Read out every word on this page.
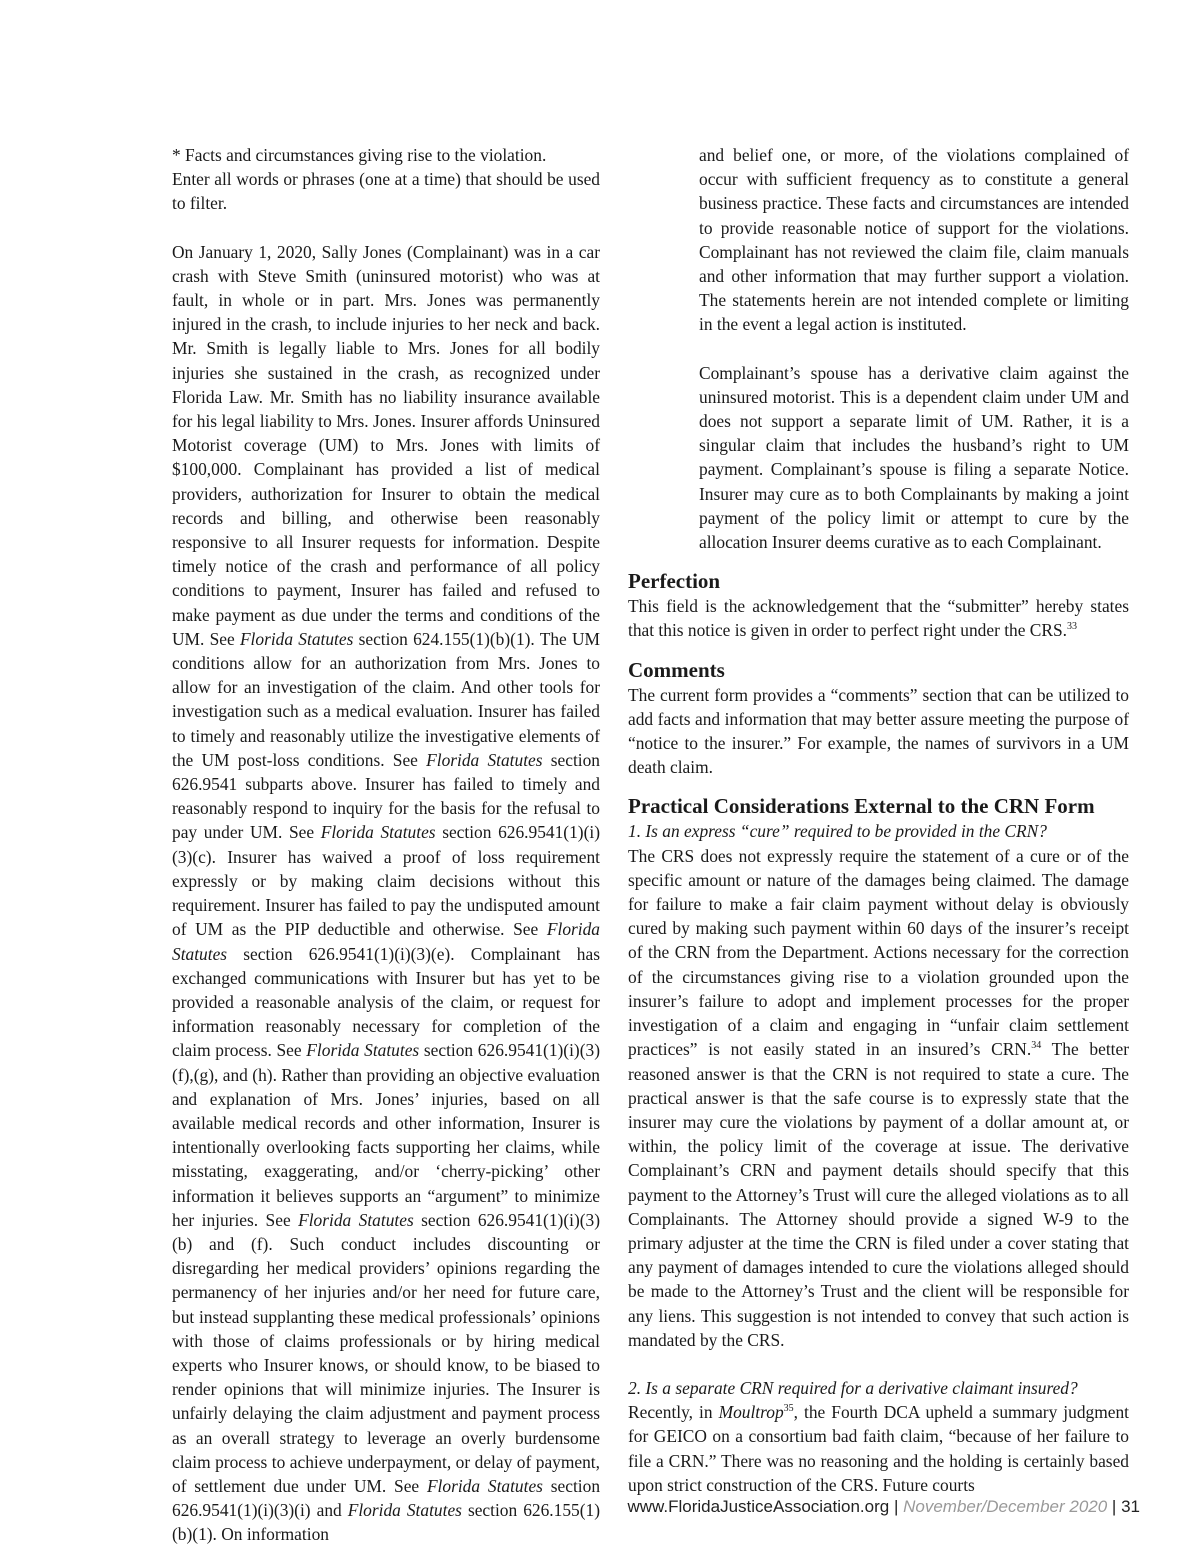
* Facts and circumstances giving rise to the violation.

Enter all words or phrases (one at a time) that should be used to filter.

On January 1, 2020, Sally Jones (Complainant) was in a car crash with Steve Smith (uninsured motorist) who was at fault, in whole or in part. Mrs. Jones was permanently injured in the crash, to include injuries to her neck and back. Mr. Smith is legally liable to Mrs. Jones for all bodily injuries she sustained in the crash, as recognized under Florida Law. Mr. Smith has no liability insurance available for his legal liability to Mrs. Jones. Insurer affords Uninsured Motorist coverage (UM) to Mrs. Jones with limits of $100,000. Complainant has provided a list of medical providers, authorization for Insurer to obtain the medical records and billing, and otherwise been reasonably responsive to all Insurer requests for information. Despite timely notice of the crash and performance of all policy conditions to payment, Insurer has failed and refused to make payment as due under the terms and conditions of the UM. See Florida Statutes section 624.155(1)(b)(1). The UM conditions allow for an authorization from Mrs. Jones to allow for an investigation of the claim. And other tools for investigation such as a medical evaluation. Insurer has failed to timely and reasonably utilize the investigative elements of the UM post-loss conditions. See Florida Statutes section 626.9541 subparts above. Insurer has failed to timely and reasonably respond to inquiry for the basis for the refusal to pay under UM. See Florida Statutes section 626.9541(1)(i)(3)(c). Insurer has waived a proof of loss requirement expressly or by making claim decisions without this requirement. Insurer has failed to pay the undisputed amount of UM as the PIP deductible and otherwise. See Florida Statutes section 626.9541(1)(i)(3)(e). Complainant has exchanged communications with Insurer but has yet to be provided a reasonable analysis of the claim, or request for information reasonably necessary for completion of the claim process. See Florida Statutes section 626.9541(1)(i)(3)(f),(g), and (h). Rather than providing an objective evaluation and explanation of Mrs. Jones’ injuries, based on all available medical records and other information, Insurer is intentionally overlooking facts supporting her claims, while misstating, exaggerating, and/or ‘cherry-picking’ other information it believes supports an “argument” to minimize her injuries. See Florida Statutes section 626.9541(1)(i)(3)(b) and (f). Such conduct includes discounting or disregarding her medical providers’ opinions regarding the permanency of her injuries and/or her need for future care, but instead supplanting these medical professionals’ opinions with those of claims professionals or by hiring medical experts who Insurer knows, or should know, to be biased to render opinions that will minimize injuries. The Insurer is unfairly delaying the claim adjustment and payment process as an overall strategy to leverage an overly burdensome claim process to achieve underpayment, or delay of payment, of settlement due under UM. See Florida Statutes section 626.9541(1)(i)(3)(i) and Florida Statutes section 626.155(1)(b)(1). On information

and belief one, or more, of the violations complained of occur with sufficient frequency as to constitute a general business practice. These facts and circumstances are intended to provide reasonable notice of support for the violations. Complainant has not reviewed the claim file, claim manuals and other information that may further support a violation. The statements herein are not intended complete or limiting in the event a legal action is instituted.

Complainant’s spouse has a derivative claim against the uninsured motorist. This is a dependent claim under UM and does not support a separate limit of UM. Rather, it is a singular claim that includes the husband’s right to UM payment. Complainant’s spouse is filing a separate Notice. Insurer may cure as to both Complainants by making a joint payment of the policy limit or attempt to cure by the allocation Insurer deems curative as to each Complainant.

Perfection

This field is the acknowledgement that the “submitter” hereby states that this notice is given in order to perfect right under the CRS.$^{33}$

Comments

The current form provides a “comments” section that can be utilized to add facts and information that may better assure meeting the purpose of “notice to the insurer.” For example, the names of survivors in a UM death claim.

Practical Considerations External to the CRN Form

1. Is an express “cure” required to be provided in the CRN?

The CRS does not expressly require the statement of a cure or of the specific amount or nature of the damages being claimed. The damage for failure to make a fair claim payment without delay is obviously cured by making such payment within 60 days of the insurer’s receipt of the CRN from the Department. Actions necessary for the correction of the circumstances giving rise to a violation grounded upon the insurer’s failure to adopt and implement processes for the proper investigation of a claim and engaging in “unfair claim settlement practices” is not easily stated in an insured’s CRN.$^{34}$ The better reasoned answer is that the CRN is not required to state a cure. The practical answer is that the safe course is to expressly state that the insurer may cure the violations by payment of a dollar amount at, or within, the policy limit of the coverage at issue. The derivative Complainant’s CRN and payment details should specify that this payment to the Attorney’s Trust will cure the alleged violations as to all Complainants. The Attorney should provide a signed W-9 to the primary adjuster at the time the CRN is filed under a cover stating that any payment of damages intended to cure the violations alleged should be made to the Attorney’s Trust and the client will be responsible for any liens. This suggestion is not intended to convey that such action is mandated by the CRS.

2. Is a separate CRN required for a derivative claimant insured?

Recently, in Moultrop$^{35}$, the Fourth DCA upheld a summary judgment for GEICO on a consortium bad faith claim, “because of her failure to file a CRN.” There was no reasoning and the holding is certainly based upon strict construction of the CRS. Future courts

www.FloridaJusticeAssociation.org | November/December 2020 | 31
